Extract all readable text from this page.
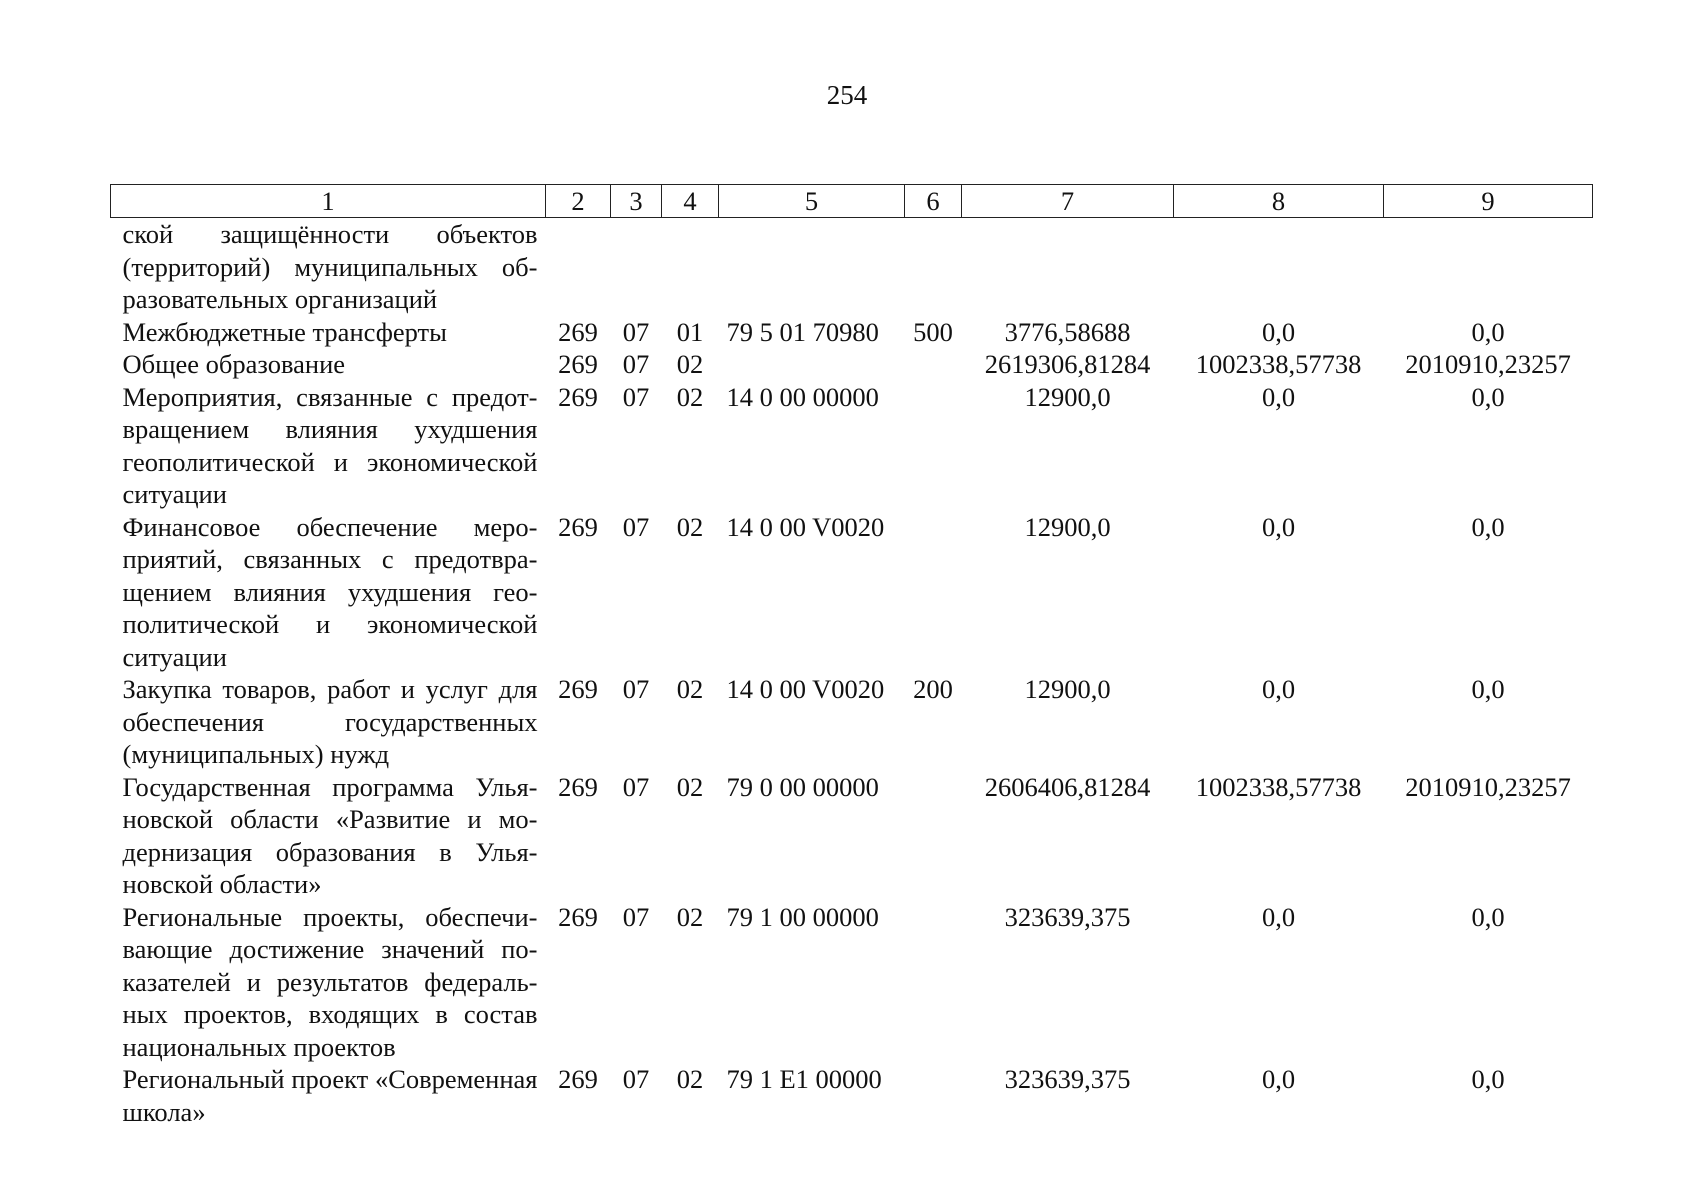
254
1	2	3	4	5	6	7	8	9
ской защищённости объектов (территорий) муниципальных образовательных организаций								
Межбюджетные трансферты	269	07	01	79 5 01 70980	500	3776,58688	0,0	0,0
Общее образование	269	07	02			2619306,81284	1002338,57738	2010910,23257
Мероприятия, связанные с предотвращением влияния ухудшения геополитической и экономической ситуации	269	07	02	14 0 00 00000		12900,0	0,0	0,0
Финансовое обеспечение мероприятий, связанных с предотвращением влияния ухудшения геополитической и экономической ситуации	269	07	02	14 0 00 V0020		12900,0	0,0	0,0
Закупка товаров, работ и услуг для обеспечения государственных (муниципальных) нужд	269	07	02	14 0 00 V0020	200	12900,0	0,0	0,0
Государственная программа Ульяновской области «Развитие и модернизация образования в Ульяновской области»	269	07	02	79 0 00 00000		2606406,81284	1002338,57738	2010910,23257
Региональные проекты, обеспечивающие достижение значений показателей и результатов федеральных проектов, входящих в состав национальных проектов	269	07	02	79 1 00 00000		323639,375	0,0	0,0
Региональный проект «Современная школа»	269	07	02	79 1 E1 00000		323639,375	0,0	0,0
